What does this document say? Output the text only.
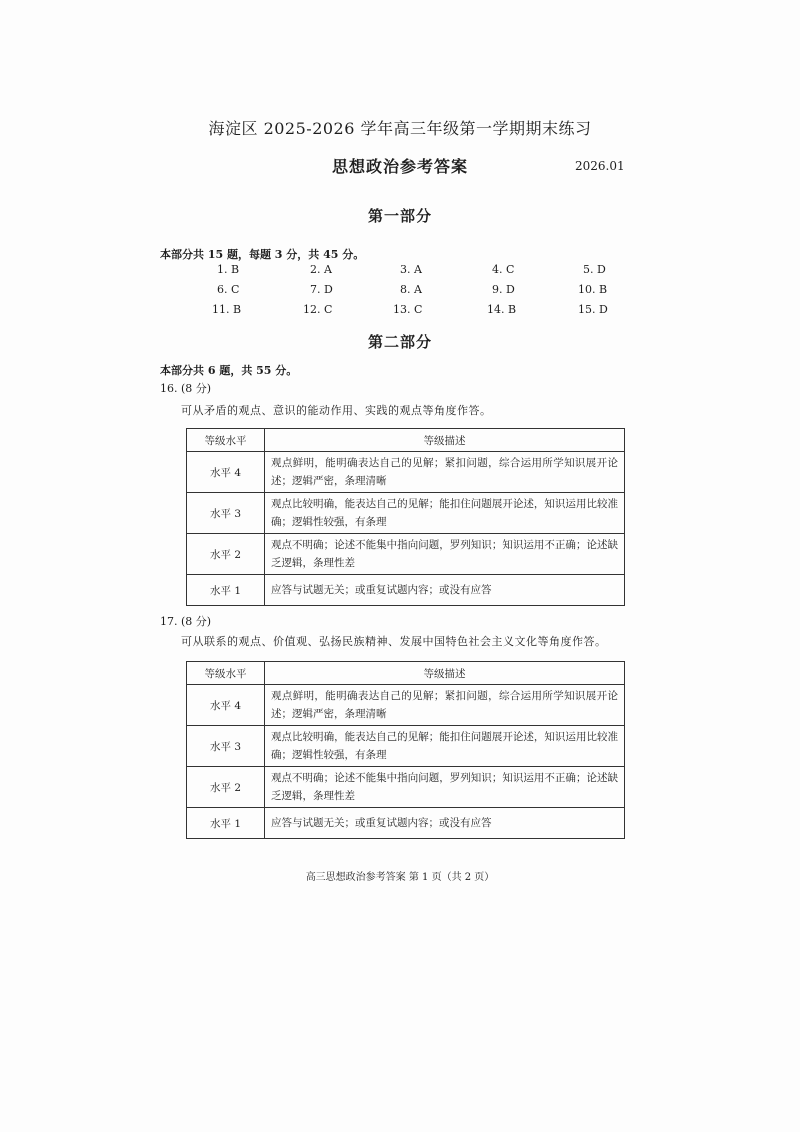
海淀区 2025-2026 学年高三年级第一学期期末练习
思想政治参考答案	2026.01
第一部分
本部分共 15 题，每题 3 分，共 45 分。
1. B	2. A	3. A	4. C	5. D
6. C	7. D	8. A	9. D	10. B
11. B	12. C	13. C	14. B	15. D
第二部分
本部分共 6 题，共 55 分。
16. (8 分)
可从矛盾的观点、意识的能动作用、实践的观点等角度作答。
等级水平	等级描述
水平 4	观点鲜明，能明确表达自己的见解；紧扣问题，综合运用所学知识展开论述；逻辑严密，条理清晰
水平 3	观点比较明确，能表达自己的见解；能扣住问题展开论述，知识运用比较准确；逻辑性较强，有条理
水平 2	观点不明确；论述不能集中指向问题，罗列知识；知识运用不正确；论述缺乏逻辑，条理性差
水平 1	应答与试题无关；或重复试题内容；或没有应答
17. (8 分)
可从联系的观点、价值观、弘扬民族精神、发展中国特色社会主义文化等角度作答。
等级水平	等级描述
水平 4	观点鲜明，能明确表达自己的见解；紧扣问题，综合运用所学知识展开论述；逻辑严密，条理清晰
水平 3	观点比较明确，能表达自己的见解；能扣住问题展开论述，知识运用比较准确；逻辑性较强，有条理
水平 2	观点不明确；论述不能集中指向问题，罗列知识；知识运用不正确；论述缺乏逻辑，条理性差
水平 1	应答与试题无关；或重复试题内容；或没有应答
高三思想政治参考答案 第 1 页（共 2 页）
